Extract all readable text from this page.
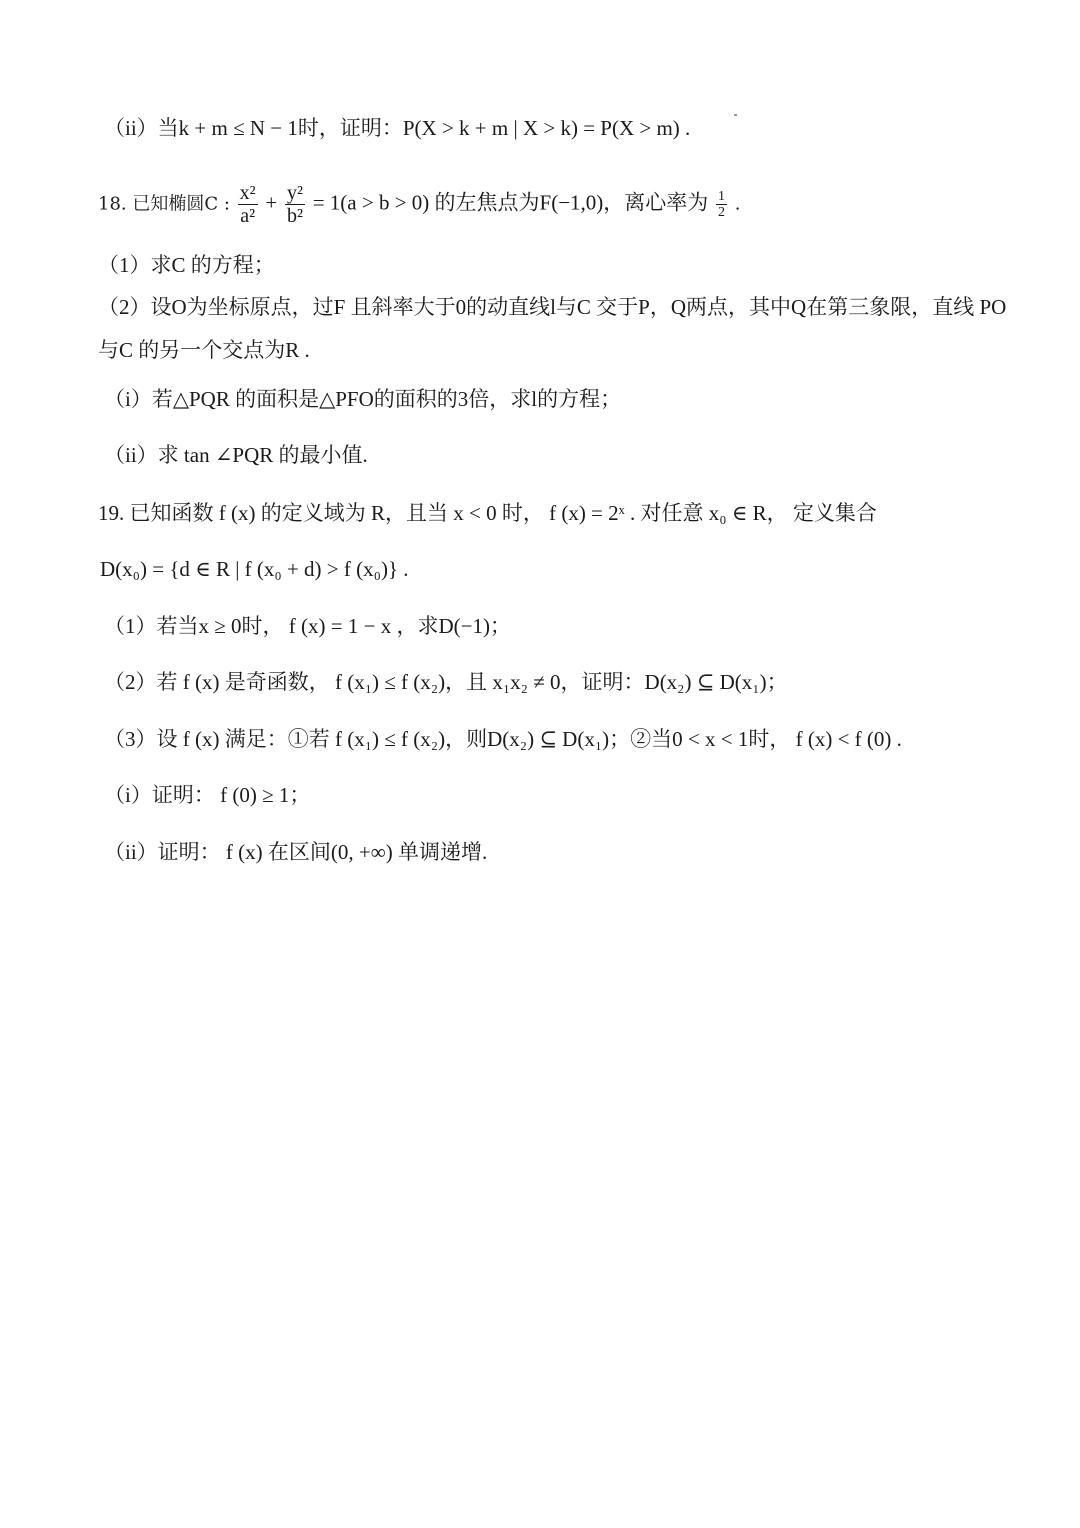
（ii）当k + m ≤ N − 1时，证明：P(X > k + m | X > k) = P(X > m) .
18. 已知椭圆C : $\frac{\text{x²}}{\text{a²}} + \frac{\text{y²}}{\text{b²}} = 1(a > b > 0)$ 的左焦点为F(−1,0)，离心率为 $\frac{1}{2}$ .
（1）求C 的方程；
（2）设O为坐标原点，过F 且斜率大于0的动直线l与C 交于P，Q两点，其中Q在第三象限，直线 PO
与C 的另一个交点为R .
（i）若△PQR 的面积是△PFO的面积的3倍，求l的方程；
（ii）求 tan ∠PQR 的最小值.
19. 已知函数 f (x) 的定义域为 R，且当 x < 0 时， f (x) = 2ˣ . 对任意 x₀ ∈ R， 定义集合
D(x₀) = {d ∈ R | f (x₀ + d) > f (x₀)} .
（1）若当x ≥ 0时， f (x) = 1 − x ，求D(−1)；
（2）若 f (x) 是奇函数， f (x₁) ≤ f (x₂)，且 x₁x₂ ≠ 0，证明：D(x₂) ⊆ D(x₁)；
（3）设 f (x) 满足：①若 f (x₁) ≤ f (x₂)，则D(x₂) ⊆ D(x₁)；②当0 < x < 1时， f (x) < f (0) .
（i）证明： f (0) ≥ 1；
（ii）证明： f (x) 在区间(0, +∞) 单调递增.
